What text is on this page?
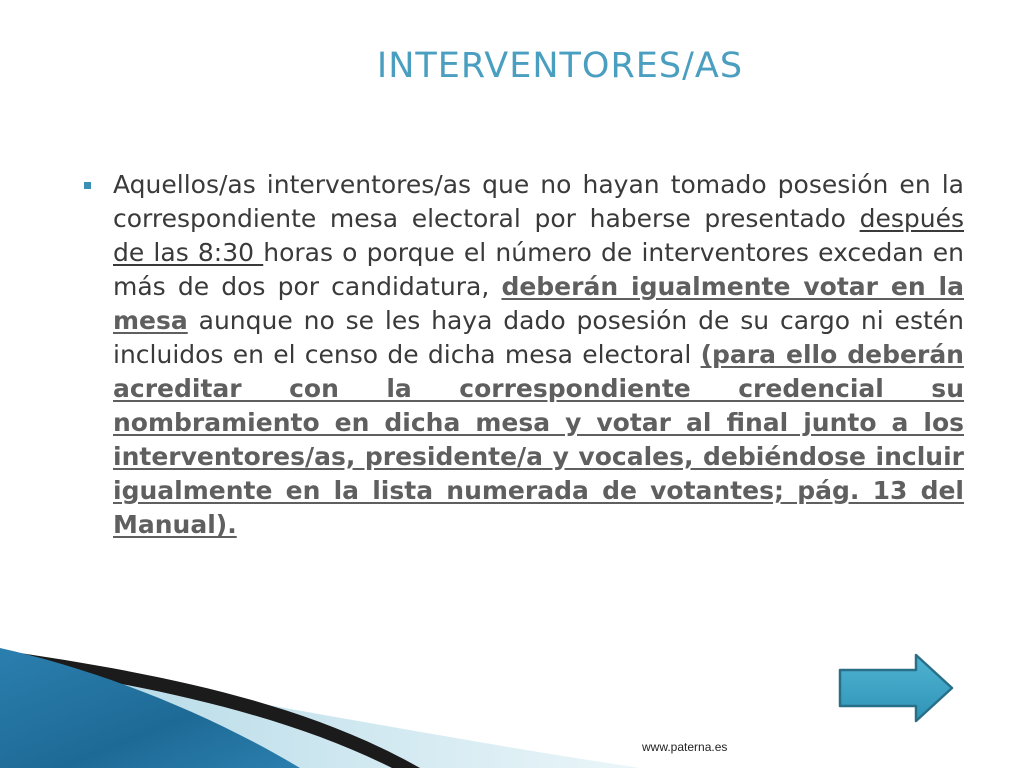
INTERVENTORES/AS

Aquellos/as interventores/as que no hayan tomado posesión en la correspondiente mesa electoral por haberse presentado después de las 8:30 horas o porque el número de interventores excedan en más de dos por candidatura, deberán igualmente votar en la mesa aunque no se les haya dado posesión de su cargo ni estén incluidos en el censo de dicha mesa electoral (para ello deberán acreditar con la correspondiente credencial su nombramiento en dicha mesa y votar al final junto a los interventores/as, presidente/a y vocales, debiéndose incluir igualmente en la lista numerada de votantes; pág. 13 del Manual).

www.paterna.es
